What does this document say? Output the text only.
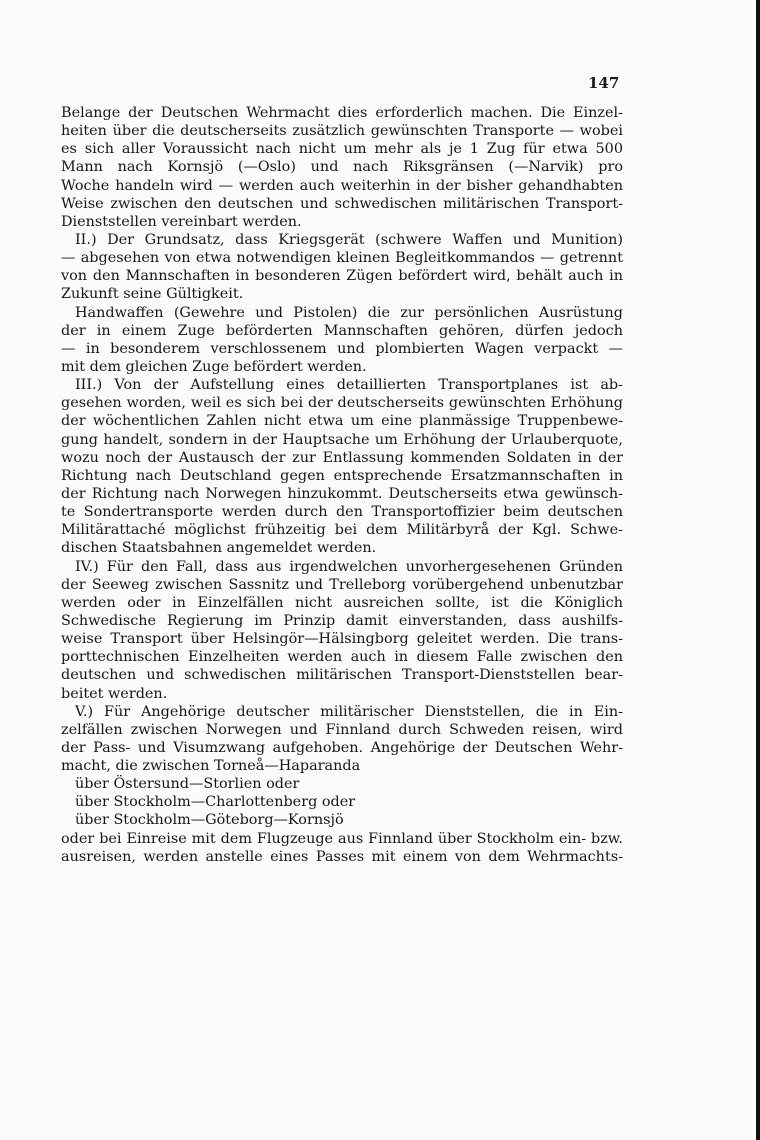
147
Belange der Deutschen Wehrmacht dies erforderlich machen. Die Einzel-
heiten über die deutscherseits zusätzlich gewünschten Transporte — wobei
es sich aller Voraussicht nach nicht um mehr als je 1 Zug für etwa 500
Mann nach Kornsjö (—Oslo) und nach Riksgränsen (—Narvik) pro
Woche handeln wird — werden auch weiterhin in der bisher gehandhabten
Weise zwischen den deutschen und schwedischen militärischen Transport-
Dienststellen vereinbart werden.
II.) Der Grundsatz, dass Kriegsgerät (schwere Waffen und Munition)
— abgesehen von etwa notwendigen kleinen Begleitkommandos — getrennt
von den Mannschaften in besonderen Zügen befördert wird, behält auch in
Zukunft seine Gültigkeit.
Handwaffen (Gewehre und Pistolen) die zur persönlichen Ausrüstung
der in einem Zuge beförderten Mannschaften gehören, dürfen jedoch
— in besonderem verschlossenem und plombierten Wagen verpackt —
mit dem gleichen Zuge befördert werden.
III.) Von der Aufstellung eines detaillierten Transportplanes ist ab-
gesehen worden, weil es sich bei der deutscherseits gewünschten Erhöhung
der wöchentlichen Zahlen nicht etwa um eine planmässige Truppenbewe-
gung handelt, sondern in der Hauptsache um Erhöhung der Urlauberquote,
wozu noch der Austausch der zur Entlassung kommenden Soldaten in der
Richtung nach Deutschland gegen entsprechende Ersatzmannschaften in
der Richtung nach Norwegen hinzukommt. Deutscherseits etwa gewünsch-
te Sondertransporte werden durch den Transportoffizier beim deutschen
Militärattaché möglichst frühzeitig bei dem Militärbyrå der Kgl. Schwe-
dischen Staatsbahnen angemeldet werden.
IV.) Für den Fall, dass aus irgendwelchen unvorhergesehenen Gründen
der Seeweg zwischen Sassnitz und Trelleborg vorübergehend unbenutzbar
werden oder in Einzelfällen nicht ausreichen sollte, ist die Königlich
Schwedische Regierung im Prinzip damit einverstanden, dass aushilfs-
weise Transport über Helsingör—Hälsingborg geleitet werden. Die trans-
porttechnischen Einzelheiten werden auch in diesem Falle zwischen den
deutschen und schwedischen militärischen Transport-Dienststellen bear-
beitet werden.
V.) Für Angehörige deutscher militärischer Dienststellen, die in Ein-
zelfällen zwischen Norwegen und Finnland durch Schweden reisen, wird
der Pass- und Visumzwang aufgehoben. Angehörige der Deutschen Wehr-
macht, die zwischen Torneå—Haparanda
über Östersund—Storlien oder
über Stockholm—Charlottenberg oder
über Stockholm—Göteborg—Kornsjö
oder bei Einreise mit dem Flugzeuge aus Finnland über Stockholm ein- bzw.
ausreisen, werden anstelle eines Passes mit einem von dem Wehrmachts-
